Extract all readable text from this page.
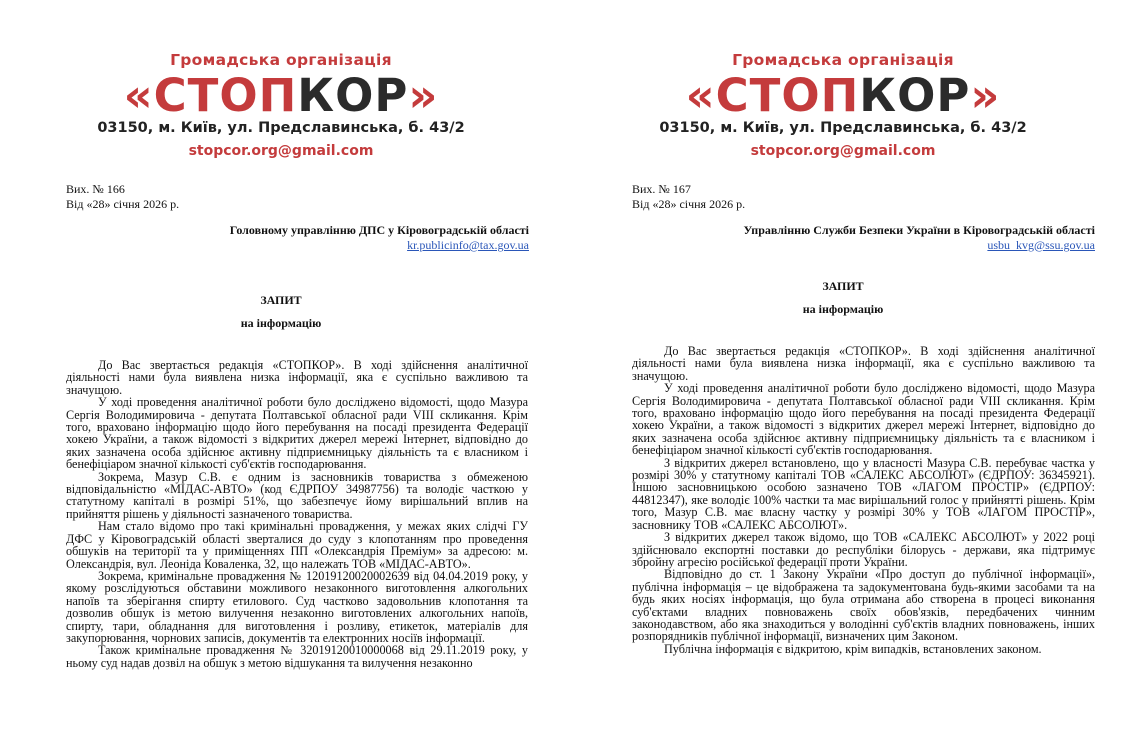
Громадська організація
«СТОПКОР»
03150, м. Київ, ул. Предславинська, б. 43/2
stopcor.org@gmail.com
Вих. № 166
Від «28» січня 2026 р.
Головному управлінню ДПС у Кіровоградській області
kr.publicinfo@tax.gov.ua
ЗАПИТ
на інформацію

До Вас звертається редакція «СТОПКОР». В ході здійснення аналітичної діяльності нами була виявлена низка інформації, яка є суспільно важливою та значущою.

У ході проведення аналітичної роботи було досліджено відомості, щодо Мазура Сергія Володимировича - депутата Полтавської обласної ради VIII скликання. Крім того, враховано інформацію щодо його перебування на посаді президента Федерації хокею України, а також відомості з відкритих джерел мережі Інтернет, відповідно до яких зазначена особа здійснює активну підприємницьку діяльність та є власником і бенефіціаром значної кількості суб'єктів господарювання.

Зокрема, Мазур С.В. є одним із засновників товариства з обмеженою відповідальністю «МІДАС-АВТО» (код ЄДРПОУ 34987756) та володіє часткою у статутному капіталі в розмірі 51%, що забезпечує йому вирішальний вплив на прийняття рішень у діяльності зазначеного товариства.

Нам стало відомо про такі кримінальні провадження, у межах яких слідчі ГУ ДФС у Кіровоградській області зверталися до суду з клопотанням про проведення обшуків на території та у приміщеннях ПП «Олександрія Преміум» за адресою: м. Олександрія, вул. Леоніда Коваленка, 32, що належать ТОВ «МІДАС-АВТО».

Зокрема, кримінальне провадження № 12019120020002639 від 04.04.2019 року, у якому розслідуються обставини можливого незаконного виготовлення алкогольних напоїв та зберігання спирту етилового. Суд частково задовольнив клопотання та дозволив обшук із метою вилучення незаконно виготовлених алкогольних напоїв, спирту, тари, обладнання для виготовлення і розливу, етикеток, матеріалів для закупорювання, чорнових записів, документів та електронних носіїв інформації.

Також кримінальне провадження № 32019120010000068 від 29.11.2019 року, у ньому суд надав дозвіл на обшук з метою відшукання та вилучення незаконно

Громадська організація
«СТОПКОР»
03150, м. Київ, ул. Предславинська, б. 43/2
stopcor.org@gmail.com
Вих. № 167
Від «28» січня 2026 р.
Управлінню Служби Безпеки України в Кіровоградській області
usbu_kvg@ssu.gov.ua
ЗАПИТ
на інформацію

До Вас звертається редакція «СТОПКОР». В ході здійснення аналітичної діяльності нами була виявлена низка інформації, яка є суспільно важливою та значущою.

У ході проведення аналітичної роботи було досліджено відомості, щодо Мазура Сергія Володимировича - депутата Полтавської обласної ради VIII скликання. Крім того, враховано інформацію щодо його перебування на посаді президента Федерації хокею України, а також відомості з відкритих джерел мережі Інтернет, відповідно до яких зазначена особа здійснює активну підприємницьку діяльність та є власником і бенефіціаром значної кількості суб'єктів господарювання.

З відкритих джерел встановлено, що у власності Мазура С.В. перебуває частка у розмірі 30% у статутному капіталі ТОВ «САЛЕКС АБСОЛЮТ» (ЄДРПОУ: 36345921). Іншою засновницькою особою зазначено ТОВ «ЛАГОМ ПРОСТІР» (ЄДРПОУ: 44812347), яке володіє 100% частки та має вирішальний голос у прийнятті рішень. Крім того, Мазур С.В. має власну частку у розмірі 30% у ТОВ «ЛАГОМ ПРОСТІР», засновнику ТОВ «САЛЕКС АБСОЛЮТ».

З відкритих джерел також відомо, що ТОВ «САЛЕКС АБСОЛЮТ» у 2022 році здійснювало експортні поставки до республіки білорусь - держави, яка підтримує збройну агресію російської федерації проти України.

Відповідно до ст. 1 Закону України «Про доступ до публічної інформації», публічна інформація – це відображена та задокументована будь-якими засобами та на будь яких носіях інформація, що була отримана або створена в процесі виконання суб'єктами владних повноважень своїх обов'язків, передбачених чинним законодавством, або яка знаходиться у володінні суб'єктів владних повноважень, інших розпорядників публічної інформації, визначених цим Законом.

Публічна інформація є відкритою, крім випадків, встановлених законом.
